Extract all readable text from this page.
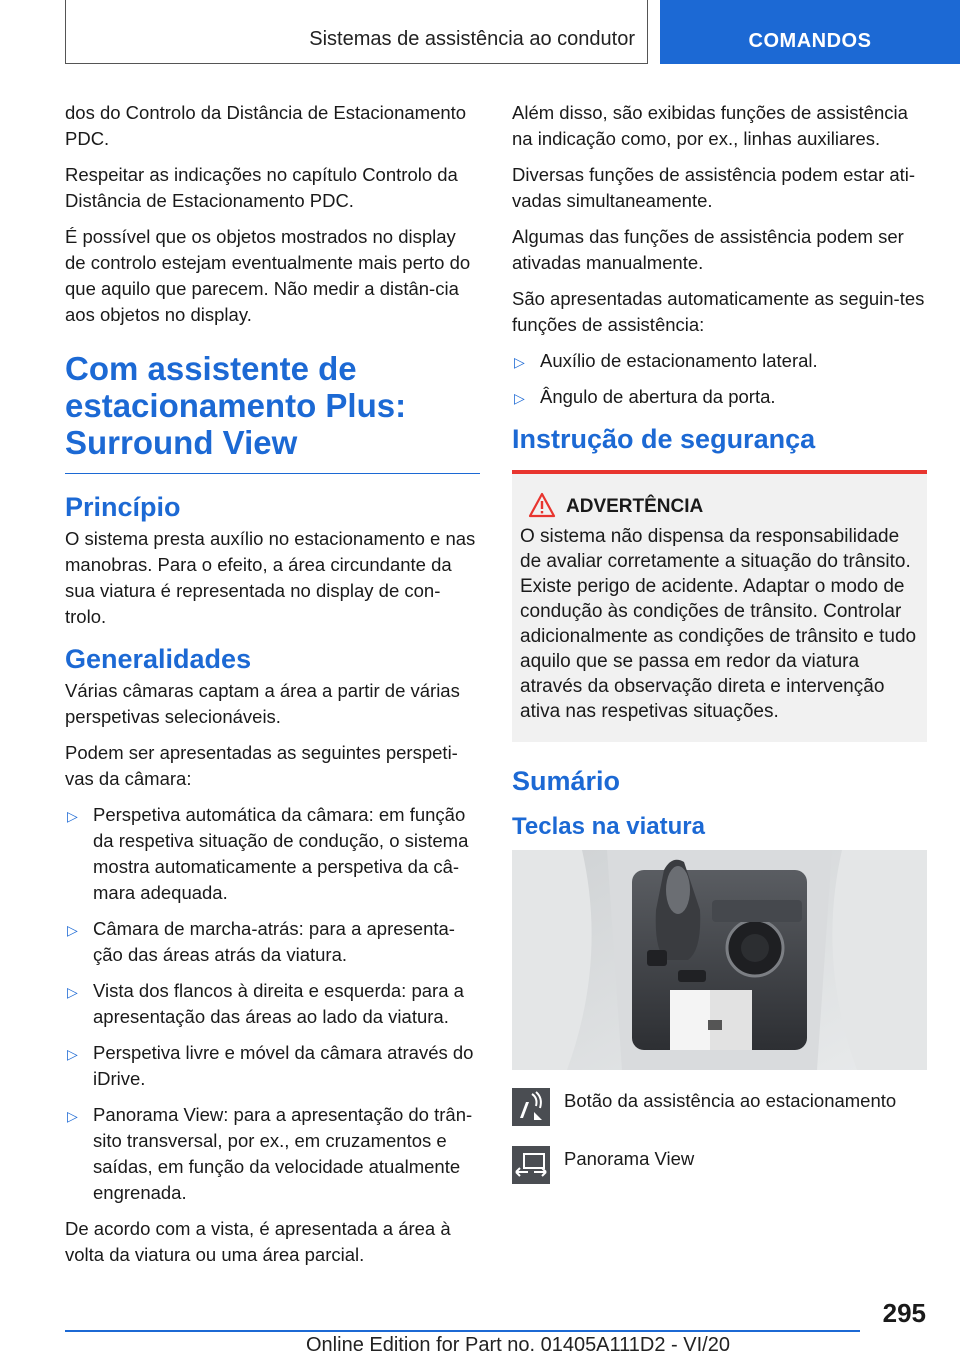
Sistemas de assistência ao condutor	COMANDOS

dos do Controlo da Distância de Estacionamento PDC.

Respeitar as indicações no capítulo Controlo da Distância de Estacionamento PDC.

É possível que os objetos mostrados no display de controlo estejam eventualmente mais perto do que aquilo que parecem. Não medir a distân-cia aos objetos no display.

Com assistente de estacionamento Plus: Surround View
Princípio

O sistema presta auxílio no estacionamento e nas manobras. Para o efeito, a área circundante da sua viatura é representada no display de con-trolo.

Generalidades

Várias câmaras captam a área a partir de várias perspetivas selecionáveis.

Podem ser apresentadas as seguintes perspeti-vas da câmara:

▷ Perspetiva automática da câmara: em função da respetiva situação de condução, o sistema mostra automaticamente a perspetiva da câ-mara adequada.
▷ Câmara de marcha-atrás: para a apresenta-ção das áreas atrás da viatura.
▷ Vista dos flancos à direita e esquerda: para a apresentação das áreas ao lado da viatura.
▷ Perspetiva livre e móvel da câmara através do iDrive.
▷ Panorama View: para a apresentação do trân-sito transversal, por ex., em cruzamentos e saídas, em função da velocidade atualmente engrenada.

De acordo com a vista, é apresentada a área à volta da viatura ou uma área parcial.

Além disso, são exibidas funções de assistência na indicação como, por ex., linhas auxiliares.

Diversas funções de assistência podem estar ati-vadas simultaneamente.

Algumas das funções de assistência podem ser ativadas manualmente.

São apresentadas automaticamente as seguin-tes funções de assistência:

▷ Auxílio de estacionamento lateral.
▷ Ângulo de abertura da porta.
Instrução de segurança
ADVERTÊNCIA

O sistema não dispensa da responsabilidade de avaliar corretamente a situação do trânsito. Existe perigo de acidente. Adaptar o modo de condução às condições de trânsito. Controlar adicionalmente as condições de trânsito e tudo aquilo que se passa em redor da viatura através da observação direta e intervenção ativa nas respetivas situações.

Sumário
Teclas na viatura
Botão da assistência ao estacionamento
Panorama View
295
Online Edition for Part no. 01405A111D2 - VI/20
